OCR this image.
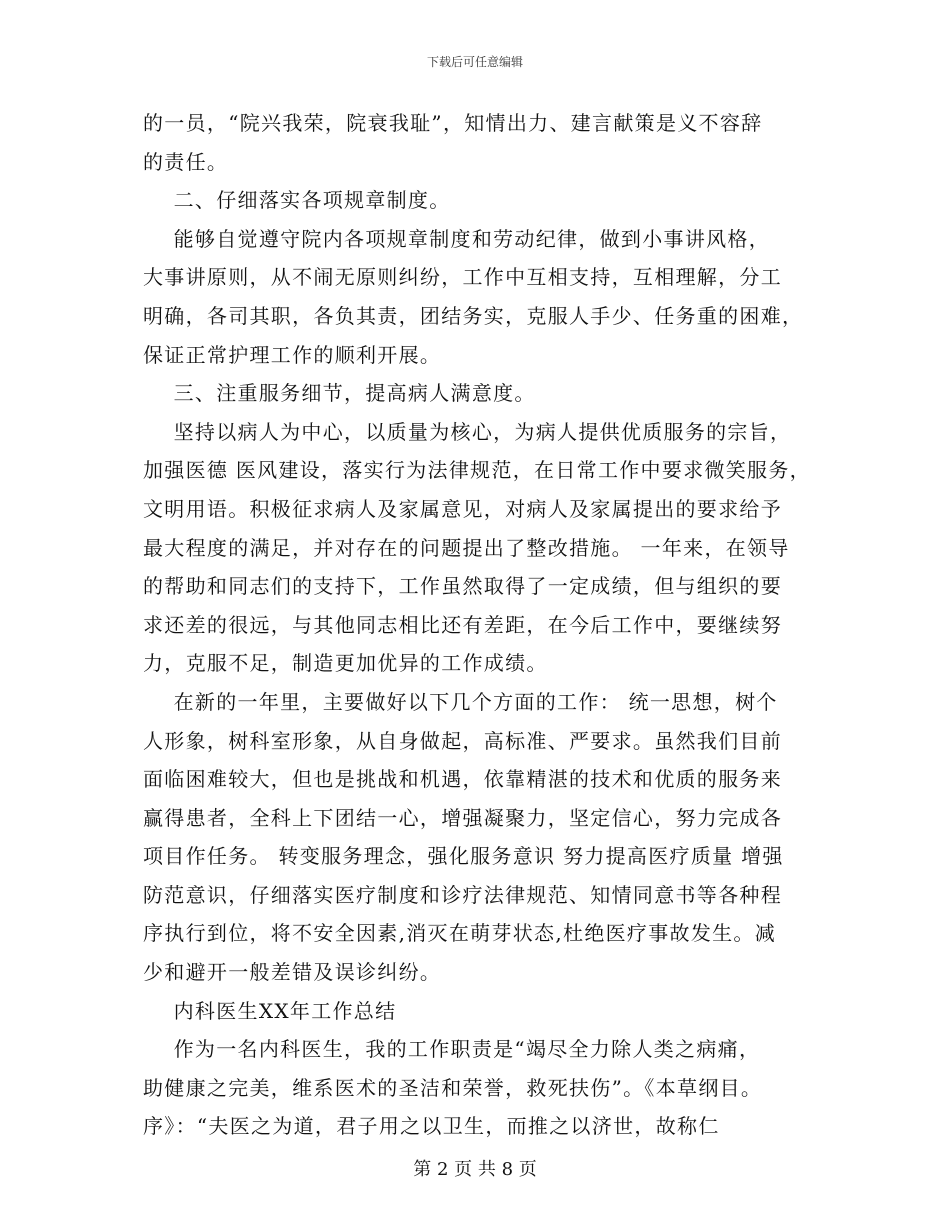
下载后可任意编辑
的一员，“院兴我荣，院衰我耻”，知情出力、建言献策是义不容辞
的责任。
二、仔细落实各项规章制度。
能够自觉遵守院内各项规章制度和劳动纪律，做到小事讲风格，
大事讲原则，从不闹无原则纠纷，工作中互相支持，互相理解，分工
明确，各司其职，各负其责，团结务实，克服人手少、任务重的困难，
保证正常护理工作的顺利开展。
三、注重服务细节，提高病人满意度。
坚持以病人为中心，以质量为核心，为病人提供优质服务的宗旨，
加强医德 医风建设，落实行为法律规范，在日常工作中要求微笑服务，
文明用语。积极征求病人及家属意见，对病人及家属提出的要求给予
最大程度的满足，并对存在的问题提出了整改措施。 一年来，在领导
的帮助和同志们的支持下，工作虽然取得了一定成绩，但与组织的要
求还差的很远，与其他同志相比还有差距，在今后工作中，要继续努
力，克服不足，制造更加优异的工作成绩。
在新的一年里，主要做好以下几个方面的工作： 统一思想，树个
人形象，树科室形象，从自身做起，高标准、严要求。虽然我们目前
面临困难较大，但也是挑战和机遇，依靠精湛的技术和优质的服务来
赢得患者，全科上下团结一心，增强凝聚力，坚定信心，努力完成各
项目作任务。 转变服务理念，强化服务意识 努力提高医疗质量 增强
防范意识，仔细落实医疗制度和诊疗法律规范、知情同意书等各种程
序执行到位，将不安全因素,消灭在萌芽状态,杜绝医疗事故发生。减
少和避开一般差错及误诊纠纷。
内科医生XX年工作总结
作为一名内科医生，我的工作职责是“竭尽全力除人类之病痛，
助健康之完美，维系医术的圣洁和荣誉，救死扶伤”。《本草纲目。
序》：“夫医之为道，君子用之以卫生，而推之以济世，故称仁
第 2 页 共 8 页
